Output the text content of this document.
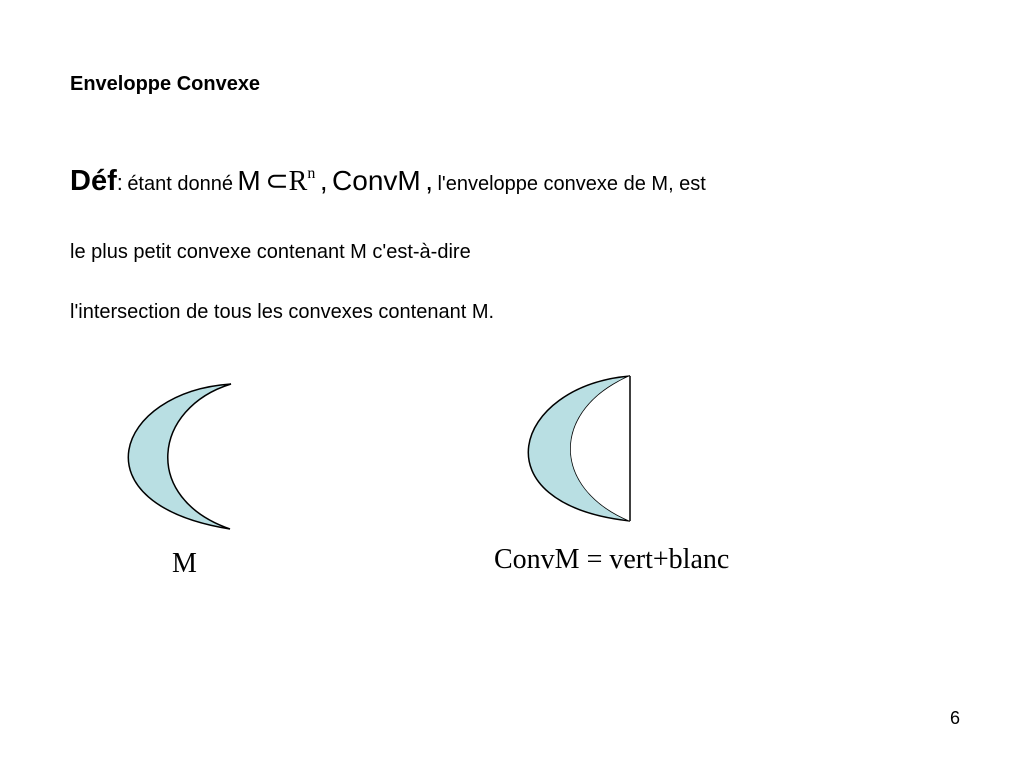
Enveloppe Convexe
Déf: étant donné M ⊂Rn , ConvM , l'enveloppe convexe de M, est
le plus petit convexe contenant M c'est-à-dire
l'intersection de tous les convexes contenant M.
M	ConvM = vert+blanc
6
